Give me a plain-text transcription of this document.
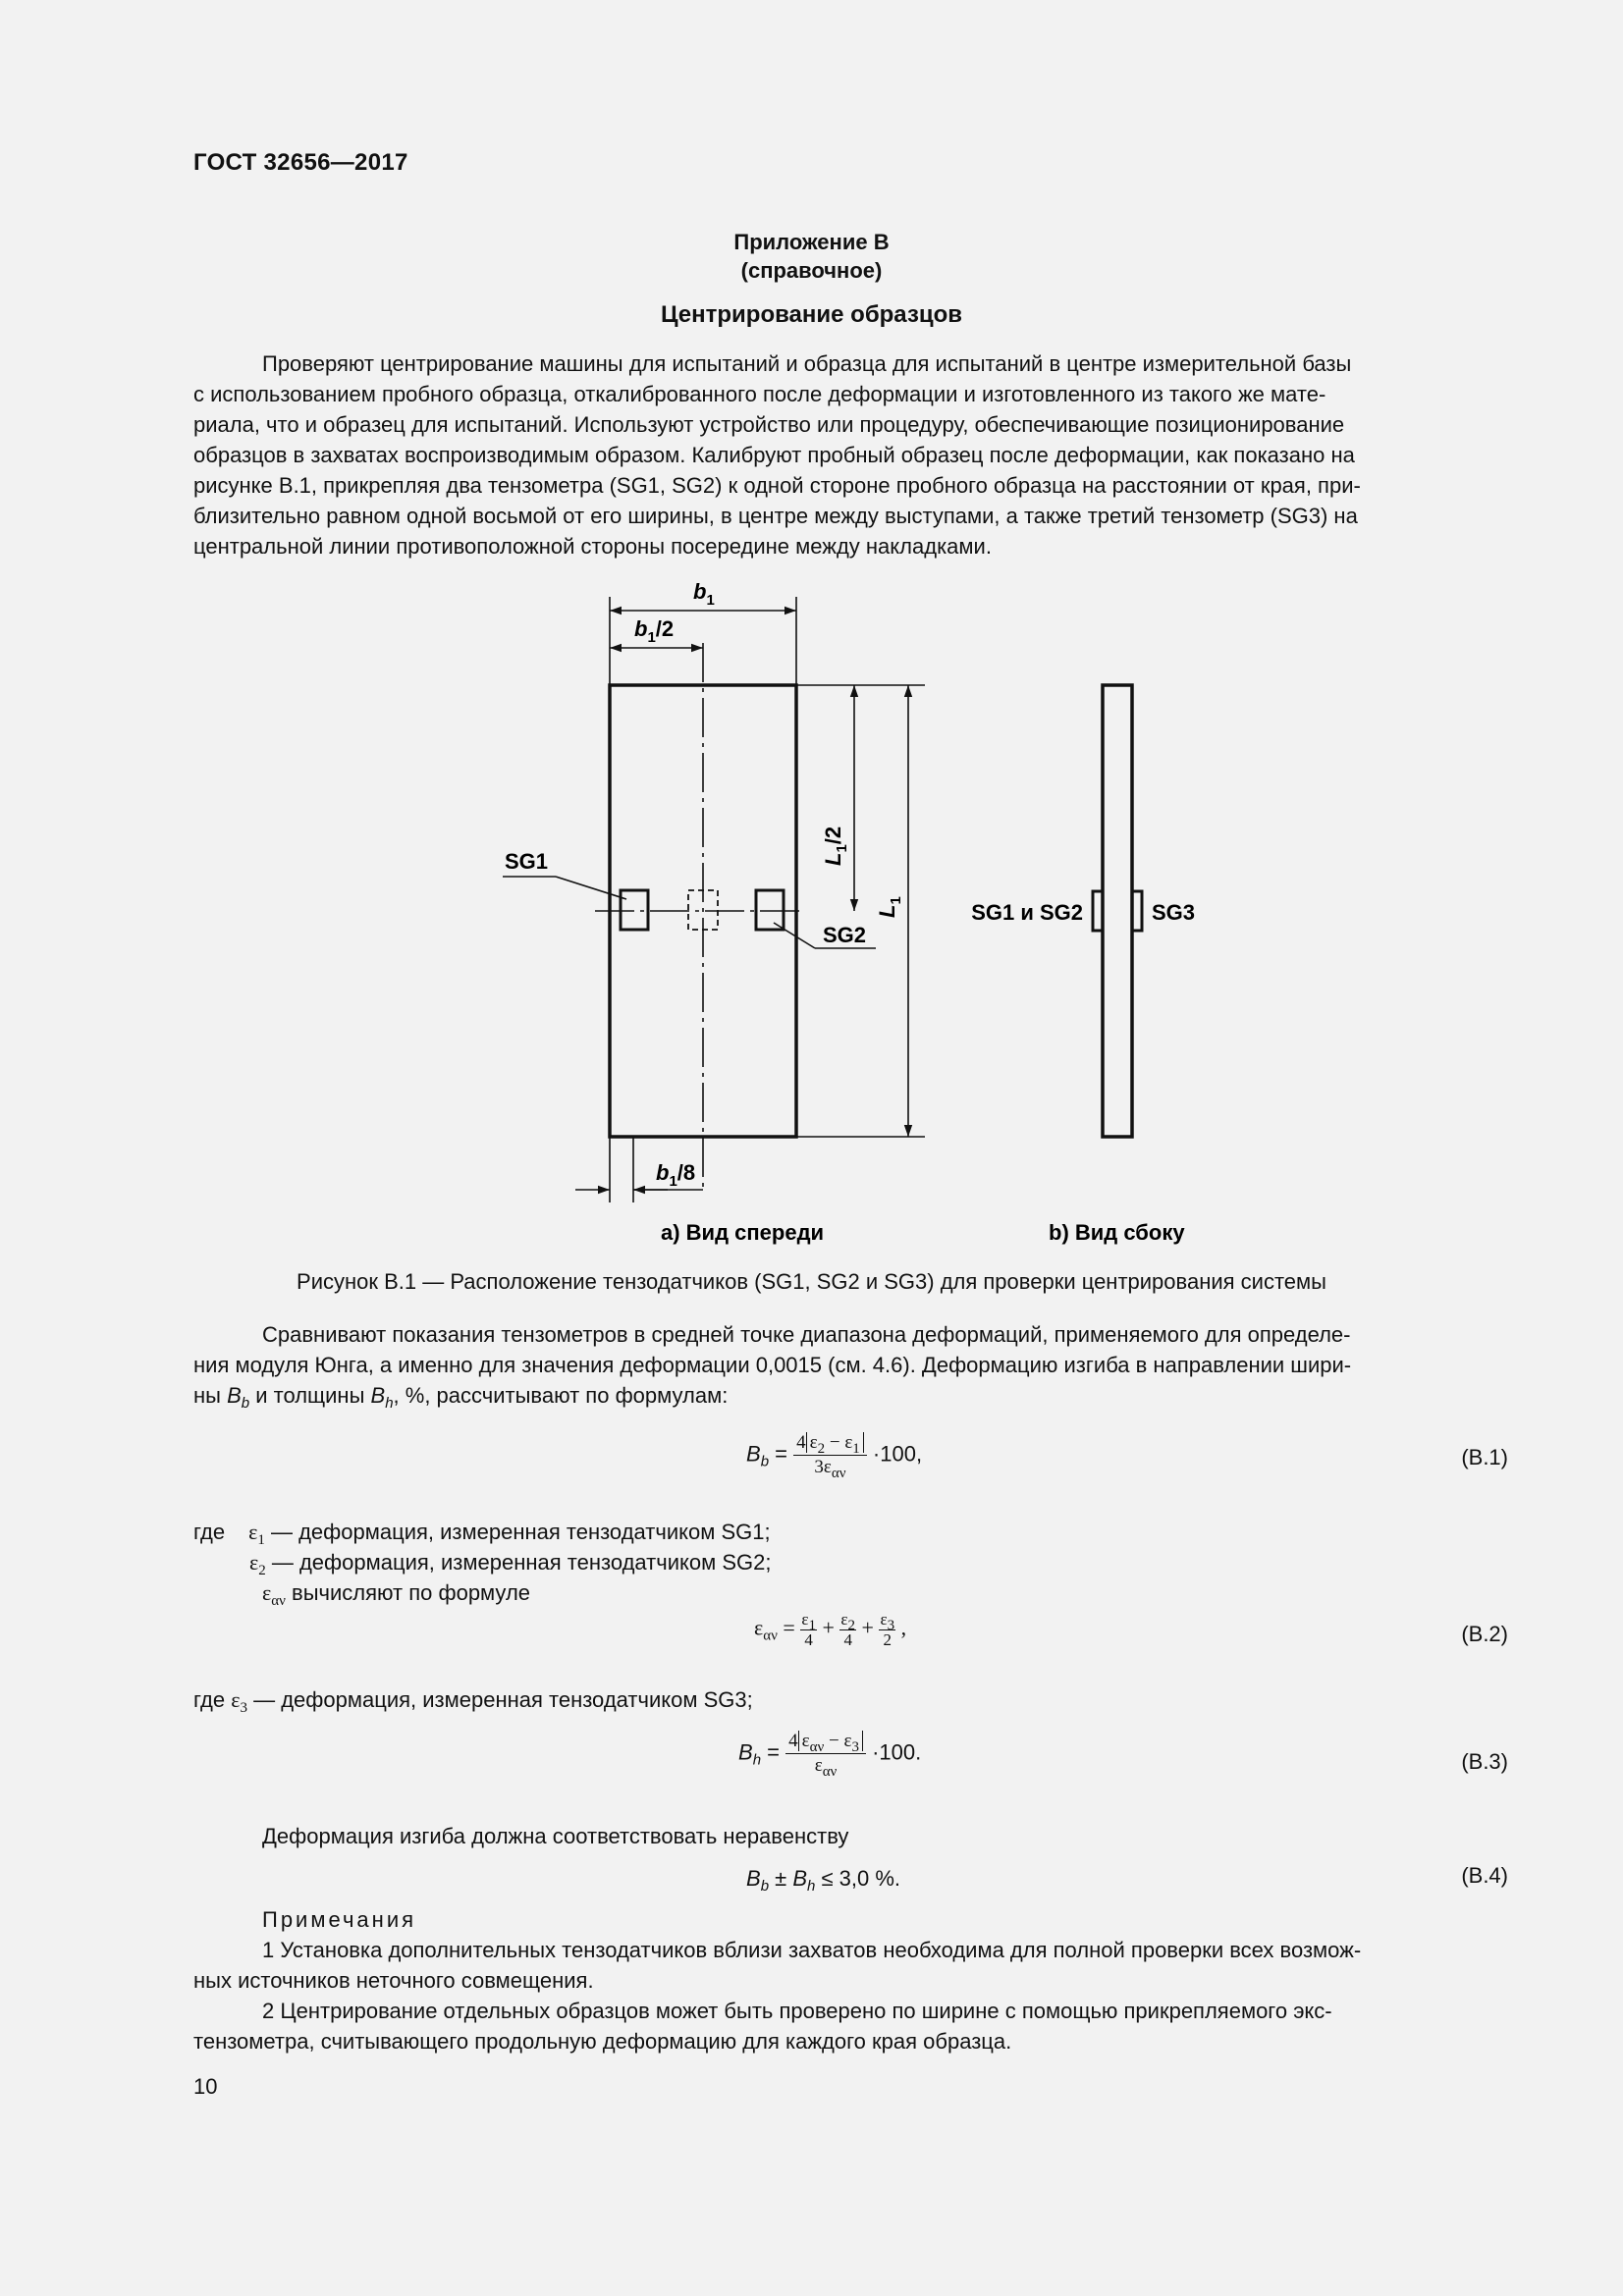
ГОСТ 32656—2017
Приложение В
(справочное)
Центрирование образцов
Проверяют центрирование машины для испытаний и образца для испытаний в центре измерительной базы
с использованием пробного образца, откалиброванного после деформации и изготовленного из такого же мате-
риала, что и образец для испытаний. Используют устройство или процедуру, обеспечивающие позиционирование
образцов в захватах воспроизводимым образом. Калибруют пробный образец после деформации, как показано на
рисунке В.1, прикрепляя два тензометра (SG1, SG2) к одной стороне пробного образца на расстоянии от края, при-
близительно равном одной восьмой от его ширины, в центре между выступами, а также третий тензометр (SG3) на
центральной линии противоположной стороны посередине между накладками.
$b_1$
$b_1/2$
$L_1/2$
$L_1$
$b_1/8$
SG1
SG2
SG1 и SG2	SG3
а) Вид спереди	b) Вид сбоку
Рисунок В.1 — Расположение тензодатчиков (SG1, SG2 и SG3) для проверки центрирования системы
Сравнивают показания тензометров в средней точке диапазона деформаций, применяемого для определе-
ния модуля Юнга, а именно для значения деформации 0,0015 (см. 4.6). Деформацию изгиба в направлении шири-
ны $B_b$ и толщины $B_h$, %, рассчитывают по формулам:
$B_b = \frac{4 \varepsilon_2 - \varepsilon_1}{3\varepsilon_{\alpha\nu}} \cdot 100$,	(В.1)
где $\varepsilon_1$ — деформация, измеренная тензодатчиком SG1;
$\varepsilon_2$ — деформация, измеренная тензодатчиком SG2;
$\varepsilon_{\alpha\nu}$ вычисляют по формуле
$\varepsilon_{\alpha\nu} = \frac{\varepsilon_1}{4} + \frac{\varepsilon_2}{4} + \frac{\varepsilon_3}{2}$ ,	(В.2)
где $\varepsilon_3$ — деформация, измеренная тензодатчиком SG3;
$B_h = \frac{4 \varepsilon_{\alpha\nu} - \varepsilon_3}{\varepsilon_{\alpha\nu}} \cdot 100$.	(В.3)
Деформация изгиба должна соответствовать неравенству
$B_b \pm B_h \le 3,0$ %.	(В.4)
Примечания
1 Установка дополнительных тензодатчиков вблизи захватов необходима для полной проверки всех возмож-
ных источников неточного совмещения.
2 Центрирование отдельных образцов может быть проверено по ширине с помощью прикрепляемого экс-
тензометра, считывающего продольную деформацию для каждого края образца.
10
